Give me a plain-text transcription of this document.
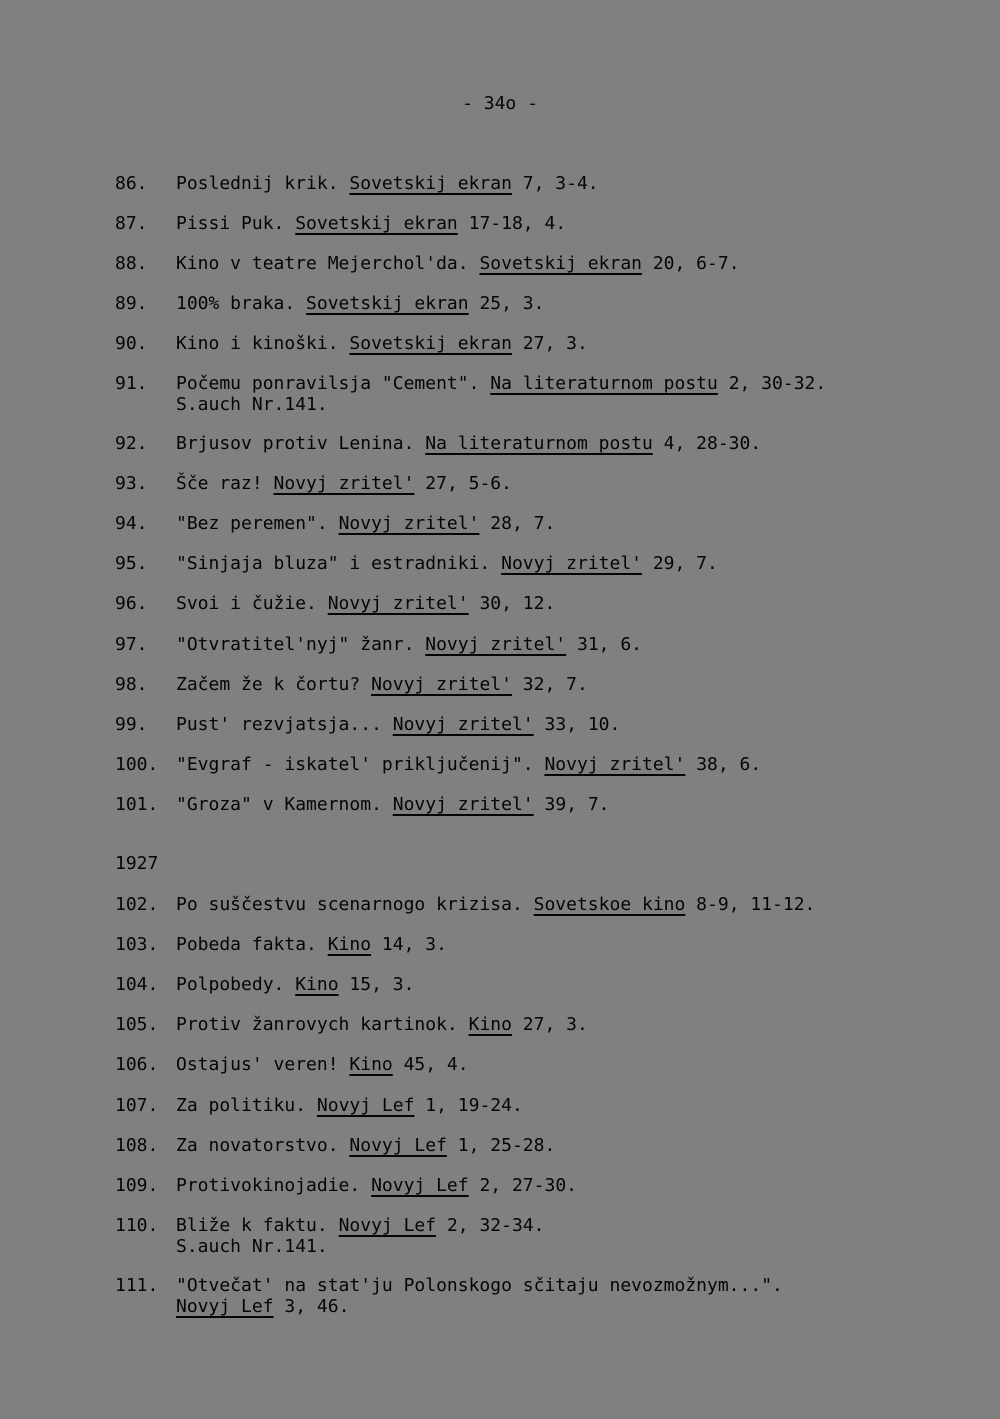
- 34o -
1927
86. Poslednij krik. Sovetskij ekran 7, 3-4.
87. Pissi Puk. Sovetskij ekran 17-18, 4.
88. Kino v teatre Mejerchol'da. Sovetskij ekran 20, 6-7.
89. 100% braka. Sovetskij ekran 25, 3.
90. Kino i kinoški. Sovetskij ekran 27, 3.
91. Počemu ponravilsja "Cement". Na literaturnom postu 2, 30-32.
S.auch Nr.141.
92. Brjusov protiv Lenina. Na literaturnom postu 4, 28-30.
93. Šče raz! Novyj zritel' 27, 5-6.
94. "Bez peremen". Novyj zritel' 28, 7.
95. "Sinjaja bluza" i estradniki. Novyj zritel' 29, 7.
96. Svoi i čužie. Novyj zritel' 30, 12.
97. "Otvratitel'nyj" žanr. Novyj zritel' 31, 6.
98. Začem že k čortu? Novyj zritel' 32, 7.
99. Pust' rezvjatsja... Novyj zritel' 33, 10.
100. "Evgraf - iskatel' priključenij". Novyj zritel' 38, 6.
101. "Groza" v Kamernom. Novyj zritel' 39, 7.
102. Po suščestvu scenarnogo krizisa. Sovetskoe kino 8-9, 11-12.
103. Pobeda fakta. Kino 14, 3.
104. Polpobedy. Kino 15, 3.
105. Protiv žanrovych kartinok. Kino 27, 3.
106. Ostajus' veren! Kino 45, 4.
107. Za politiku. Novyj Lef 1, 19-24.
108. Za novatorstvo. Novyj Lef 1, 25-28.
109. Protivokinojadie. Novyj Lef 2, 27-30.
110. Bliže k faktu. Novyj Lef 2, 32-34.
S.auch Nr.141.
111. "Otvečat' na stat'ju Polonskogo sčitaju nevozmožnym...".
Novyj Lef 3, 46.
